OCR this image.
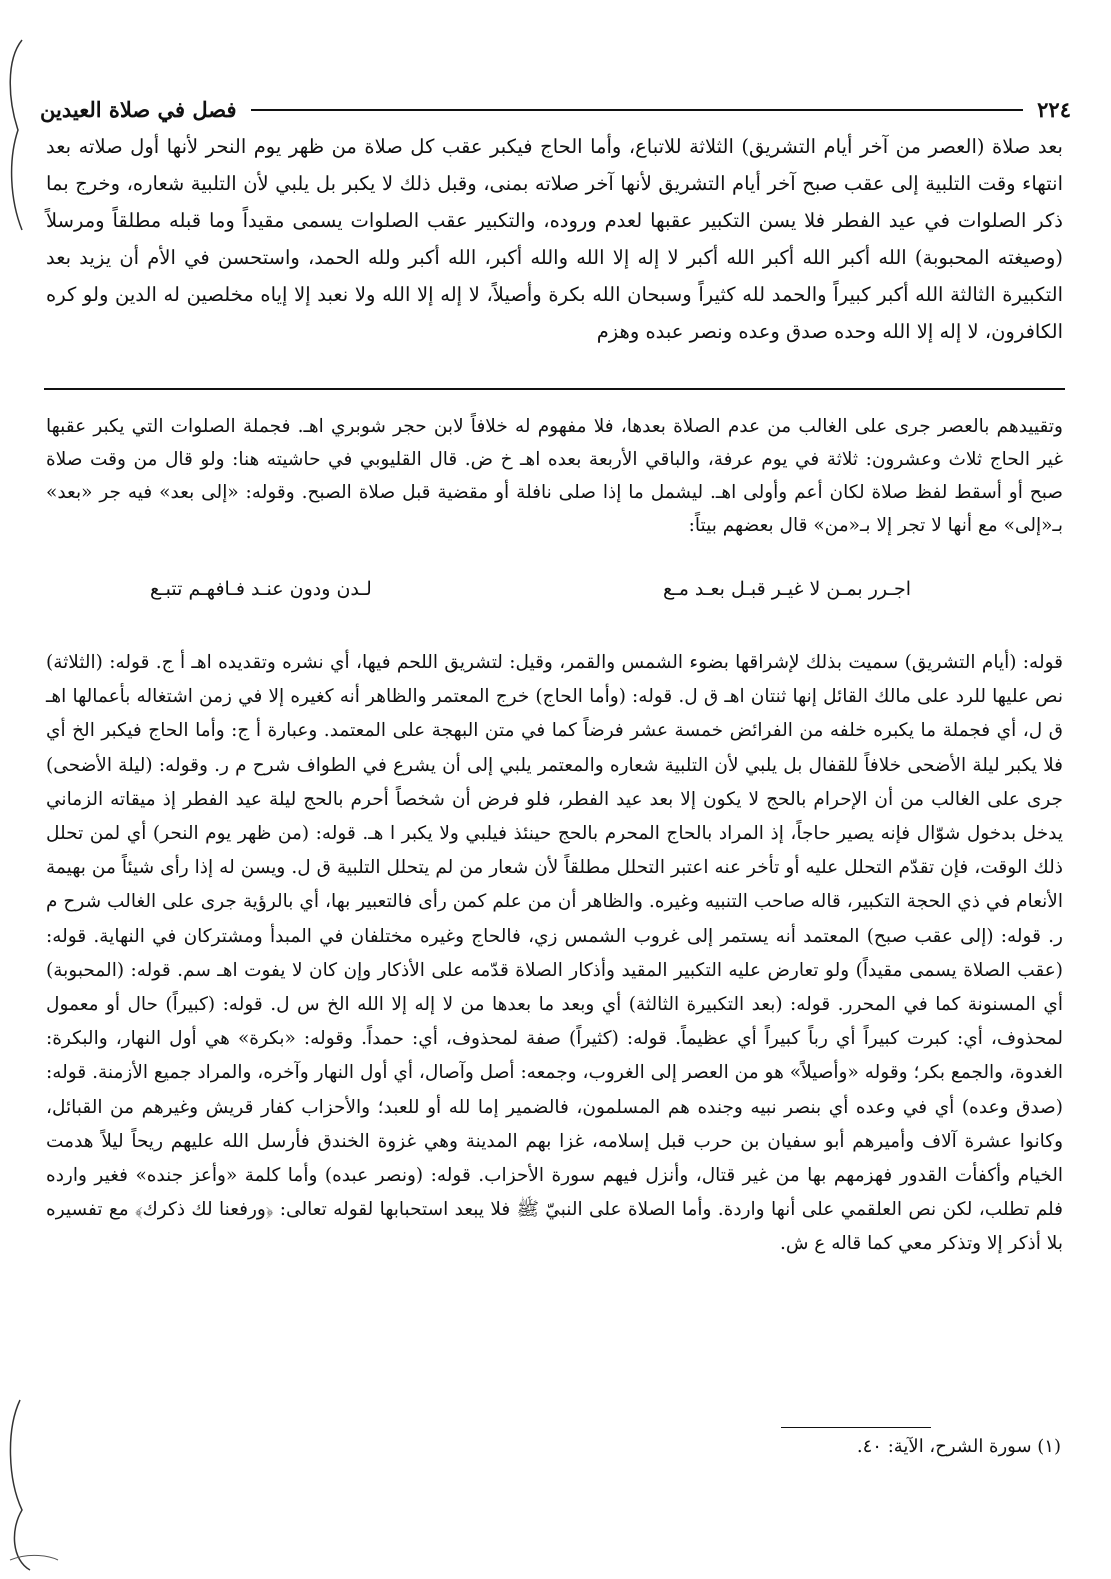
٢٢٤
فصل في صلاة العيدين

بعد صلاة (العصر من آخر أيام التشريق) الثلاثة للاتباع، وأما الحاج فيكبر عقب كل صلاة من ظهر يوم النحر لأنها أول صلاته بعد انتهاء وقت التلبية إلى عقب صبح آخر أيام التشريق لأنها آخر صلاته بمنى، وقبل ذلك لا يكبر بل يلبي لأن التلبية شعاره، وخرج بما ذكر الصلوات في عيد الفطر فلا يسن التكبير عقبها لعدم وروده، والتكبير عقب الصلوات يسمى مقيداً وما قبله مطلقاً ومرسلاً (وصيغته المحبوبة) الله أكبر الله أكبر الله أكبر لا إله إلا الله والله أكبر، الله أكبر ولله الحمد، واستحسن في الأم أن يزيد بعد التكبيرة الثالثة الله أكبر كبيراً والحمد لله كثيراً وسبحان الله بكرة وأصيلاً، لا إله إلا الله ولا نعبد إلا إياه مخلصين له الدين ولو كره الكافرون، لا إله إلا الله وحده صدق وعده ونصر عبده وهزم

وتقييدهم بالعصر جرى على الغالب من عدم الصلاة بعدها، فلا مفهوم له خلافاً لابن حجر شوبري اهـ. فجملة الصلوات التي يكبر عقبها غير الحاج ثلاث وعشرون: ثلاثة في يوم عرفة، والباقي الأربعة بعده اهـ خ ض. قال القليوبي في حاشيته هنا: ولو قال من وقت صلاة صبح أو أسقط لفظ صلاة لكان أعم وأولى اهـ. ليشمل ما إذا صلى نافلة أو مقضية قبل صلاة الصبح. وقوله: «إلى بعد» فيه جر «بعد» بـ«إلى» مع أنها لا تجر إلا بـ«من» قال بعضهم بيتاً:

اجـرر بمـن لا غيـر قبـل بعـد مـع
لـدن ودون عنـد فـافهـم تتبـع

قوله: (أيام التشريق) سميت بذلك لإشراقها بضوء الشمس والقمر، وقيل: لتشريق اللحم فيها، أي نشره وتقديده اهـ أ ج. قوله: (الثلاثة) نص عليها للرد على مالك القائل إنها ثنتان اهـ ق ل. قوله: (وأما الحاج) خرج المعتمر والظاهر أنه كغيره إلا في زمن اشتغاله بأعمالها اهـ ق ل، أي فجملة ما يكبره خلفه من الفرائض خمسة عشر فرضاً كما في متن البهجة على المعتمد. وعبارة أ ج: وأما الحاج فيكبر الخ أي فلا يكبر ليلة الأضحى خلافاً للقفال بل يلبي لأن التلبية شعاره والمعتمر يلبي إلى أن يشرع في الطواف شرح م ر. وقوله: (ليلة الأضحى) جرى على الغالب من أن الإحرام بالحج لا يكون إلا بعد عيد الفطر، فلو فرض أن شخصاً أحرم بالحج ليلة عيد الفطر إذ ميقاته الزماني يدخل بدخول شوّال فإنه يصير حاجاً، إذ المراد بالحاج المحرم بالحج حينئذ فيلبي ولا يكبر ا هـ. قوله: (من ظهر يوم النحر) أي لمن تحلل ذلك الوقت، فإن تقدّم التحلل عليه أو تأخر عنه اعتبر التحلل مطلقاً لأن شعار من لم يتحلل التلبية ق ل. ويسن له إذا رأى شيئاً من بهيمة الأنعام في ذي الحجة التكبير، قاله صاحب التنبيه وغيره. والظاهر أن من علم كمن رأى فالتعبير بها، أي بالرؤية جرى على الغالب شرح م ر. قوله: (إلى عقب صبح) المعتمد أنه يستمر إلى غروب الشمس زي، فالحاج وغيره مختلفان في المبدأ ومشتركان في النهاية. قوله: (عقب الصلاة يسمى مقيداً) ولو تعارض عليه التكبير المقيد وأذكار الصلاة قدّمه على الأذكار وإن كان لا يفوت اهـ سم. قوله: (المحبوبة) أي المسنونة كما في المحرر. قوله: (بعد التكبيرة الثالثة) أي وبعد ما بعدها من لا إله إلا الله الخ س ل. قوله: (كبيراً) حال أو معمول لمحذوف، أي: كبرت كبيراً أي رباً كبيراً أي عظيماً. قوله: (كثيراً) صفة لمحذوف، أي: حمداً. وقوله: «بكرة» هي أول النهار، والبكرة: الغدوة، والجمع بكر؛ وقوله «وأصيلاً» هو من العصر إلى الغروب، وجمعه: أصل وآصال، أي أول النهار وآخره، والمراد جميع الأزمنة. قوله: (صدق وعده) أي في وعده أي بنصر نبيه وجنده هم المسلمون، فالضمير إما لله أو للعبد؛ والأحزاب كفار قريش وغيرهم من القبائل، وكانوا عشرة آلاف وأميرهم أبو سفيان بن حرب قبل إسلامه، غزا بهم المدينة وهي غزوة الخندق فأرسل الله عليهم ريحاً ليلاً هدمت الخيام وأكفأت القدور فهزمهم بها من غير قتال، وأنزل فيهم سورة الأحزاب. قوله: (ونصر عبده) وأما كلمة «وأعز جنده» فغير وارده فلم تطلب، لكن نص العلقمي على أنها واردة. وأما الصلاة على النبيّ ﷺ فلا يبعد استحبابها لقوله تعالى: ﴿ورفعنا لك ذكرك﴾ مع تفسيره بلا أذكر إلا وتذكر معي كما قاله ع ش.

(١) سورة الشرح، الآية: ٤٠.
